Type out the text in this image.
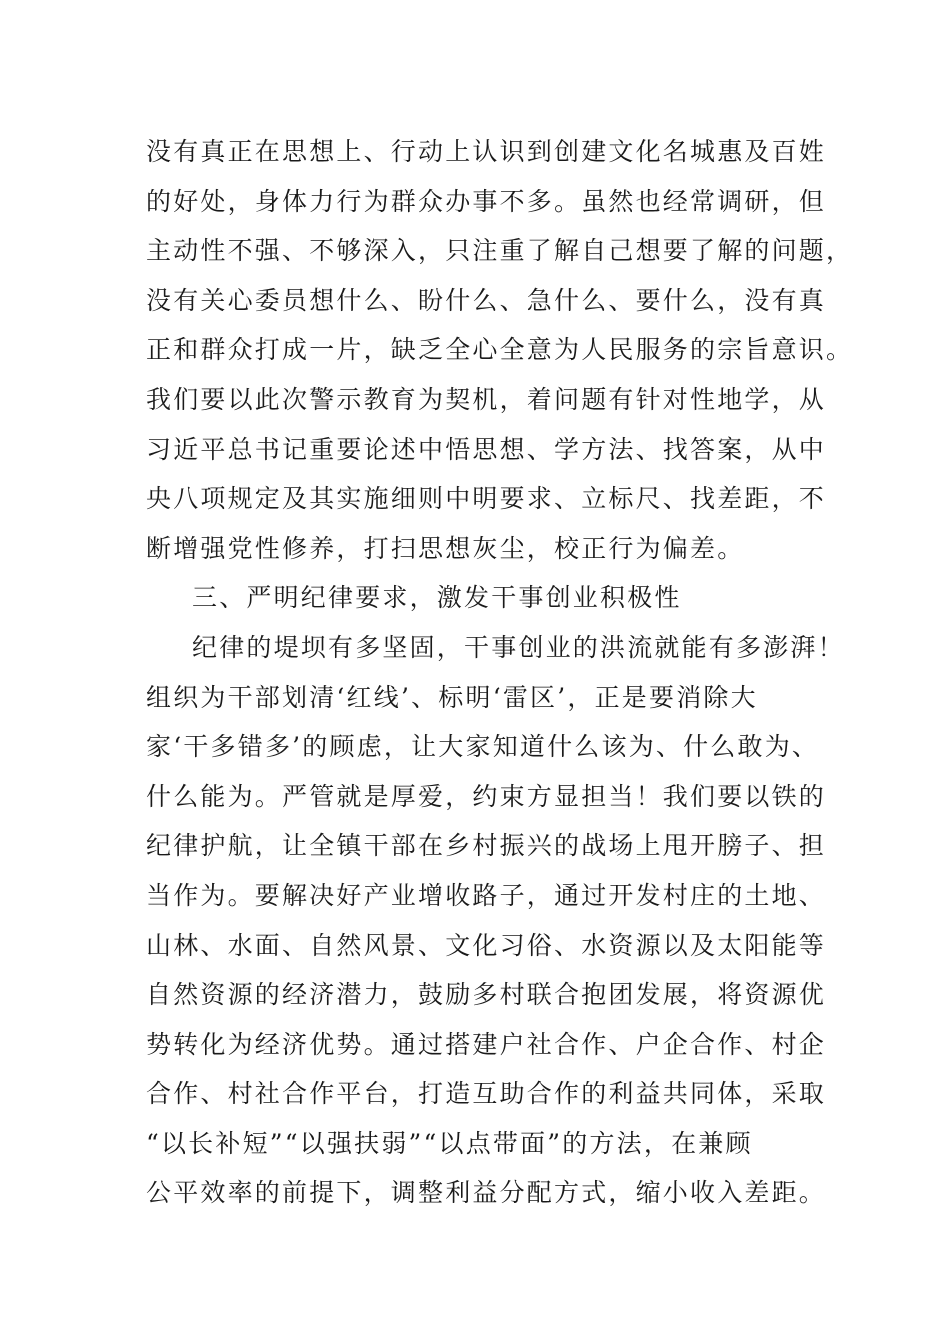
没有真正在思想上、行动上认识到创建文化名城惠及百姓
的好处，身体力行为群众办事不多。虽然也经常调研，但
主动性不强、不够深入，只注重了解自己想要了解的问题，
没有关心委员想什么、盼什么、急什么、要什么，没有真
正和群众打成一片，缺乏全心全意为人民服务的宗旨意识。
我们要以此次警示教育为契机，着问题有针对性地学，从
习近平总书记重要论述中悟思想、学方法、找答案，从中
央八项规定及其实施细则中明要求、立标尺、找差距，不
断增强党性修养，打扫思想灰尘，校正行为偏差。
三、严明纪律要求，激发干事创业积极性
纪律的堤坝有多坚固，干事创业的洪流就能有多澎湃！
组织为干部划清‘红线’、标明‘雷区’，正是要消除大
家‘干多错多’的顾虑，让大家知道什么该为、什么敢为、
什么能为。严管就是厚爱，约束方显担当！我们要以铁的
纪律护航，让全镇干部在乡村振兴的战场上甩开膀子、担
当作为。要解决好产业增收路子，通过开发村庄的土地、
山林、水面、自然风景、文化习俗、水资源以及太阳能等
自然资源的经济潜力，鼓励多村联合抱团发展，将资源优
势转化为经济优势。通过搭建户社合作、户企合作、村企
合作、村社合作平台，打造互助合作的利益共同体，采取
“以长补短”“以强扶弱”“以点带面”的方法，在兼顾
公平效率的前提下，调整利益分配方式，缩小收入差距。
